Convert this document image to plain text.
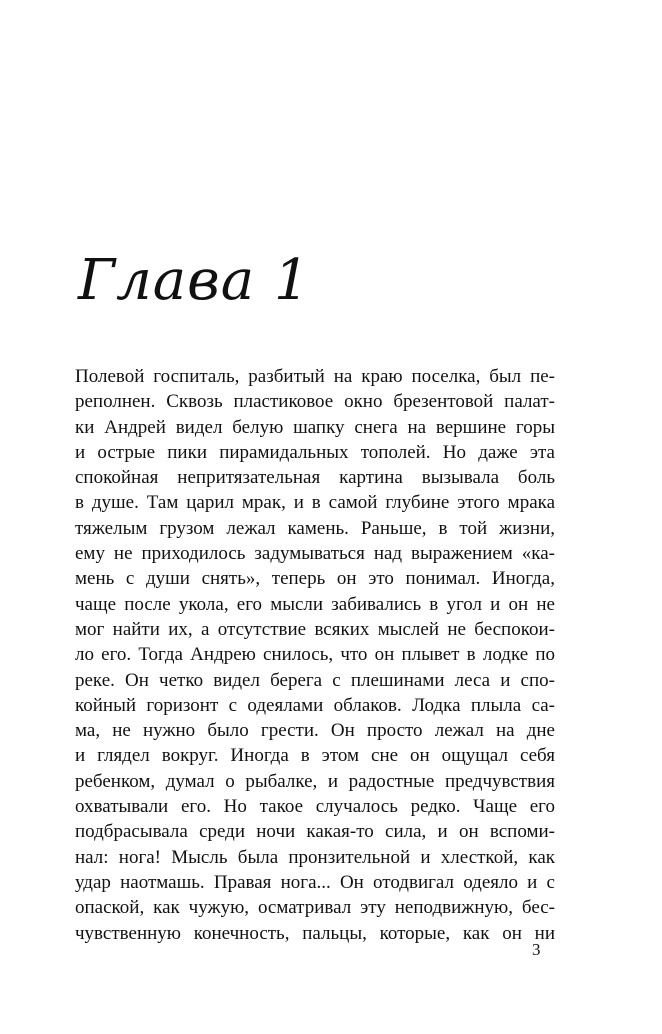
Глава 1
Полевой госпиталь, разбитый на краю поселка, был пе-
реполнен. Сквозь пластиковое окно брезентовой палат-
ки Андрей видел белую шапку снега на вершине горы
и острые пики пирамидальных тополей. Но даже эта
спокойная непритязательная картина вызывала боль
в душе. Там царил мрак, и в самой глубине этого мрака
тяжелым грузом лежал камень. Раньше, в той жизни,
ему не приходилось задумываться над выражением «ка-
мень с души снять», теперь он это понимал. Иногда,
чаще после укола, его мысли забивались в угол и он не
мог найти их, а отсутствие всяких мыслей не беспокои-
ло его. Тогда Андрею снилось, что он плывет в лодке по
реке. Он четко видел берега с плешинами леса и спо-
койный горизонт с одеялами облаков. Лодка плыла са-
ма, не нужно было грести. Он просто лежал на дне
и глядел вокруг. Иногда в этом сне он ощущал себя
ребенком, думал о рыбалке, и радостные предчувствия
охватывали его. Но такое случалось редко. Чаще его
подбрасывала среди ночи какая-то сила, и он вспоми-
нал: нога! Мысль была пронзительной и хлесткой, как
удар наотмашь. Правая нога... Он отодвигал одеяло и с
опаской, как чужую, осматривал эту неподвижную, бес-
чувственную конечность, пальцы, которые, как он ни
3
